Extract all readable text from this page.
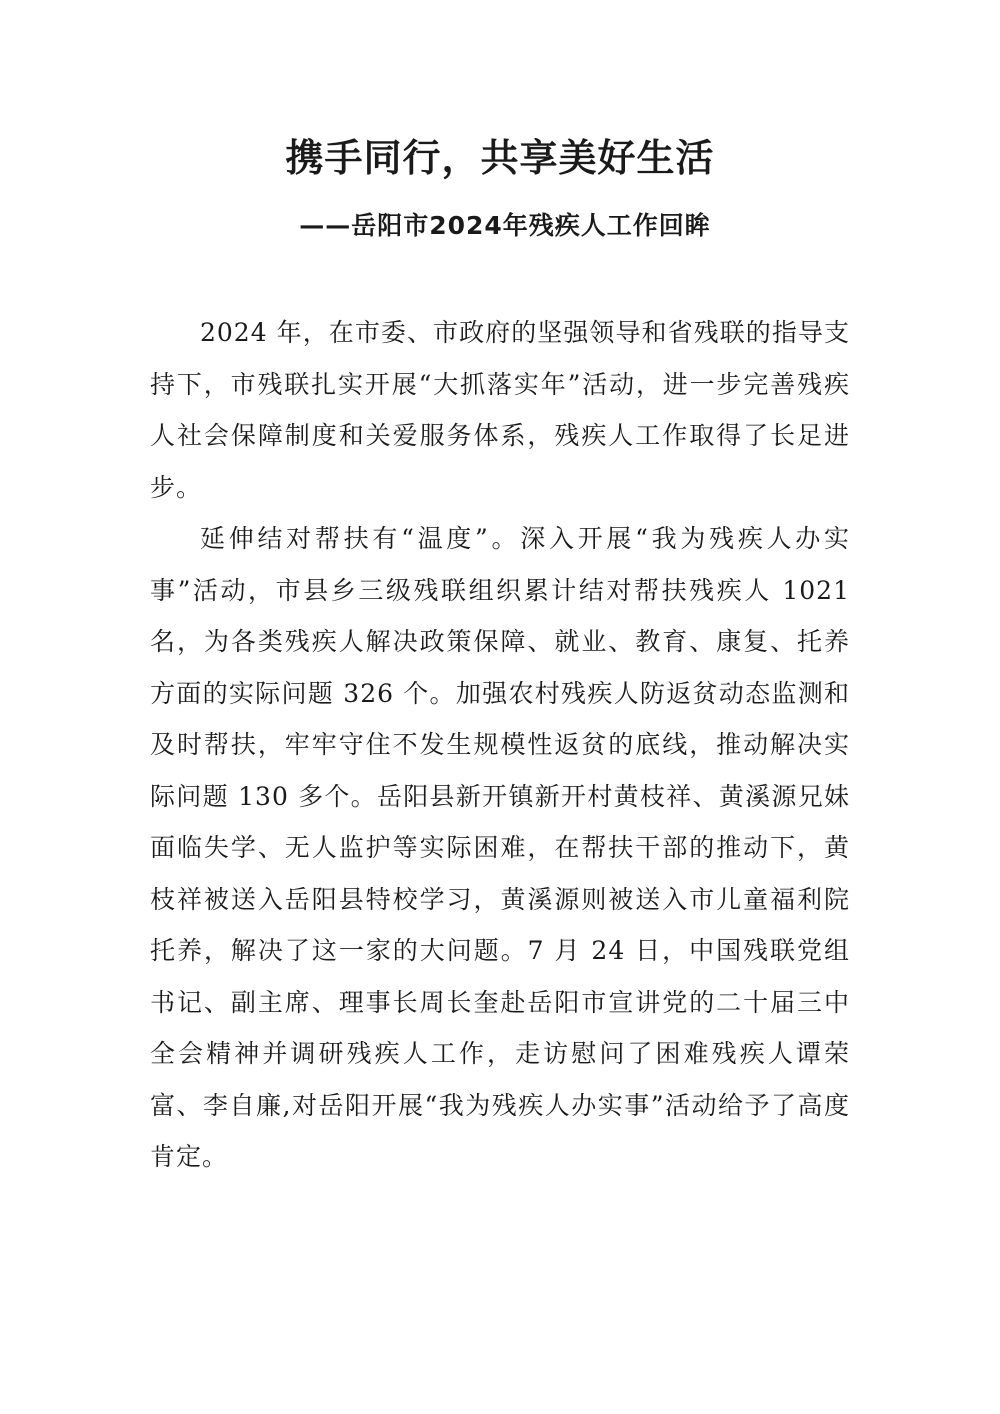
携手同行，共享美好生活
——岳阳市2024年残疾人工作回眸

2024 年，在市委、市政府的坚强领导和省残联的指导支持下，市残联扎实开展“大抓落实年”活动，进一步完善残疾人社会保障制度和关爱服务体系，残疾人工作取得了长足进步。

延伸结对帮扶有“温度”。深入开展“我为残疾人办实事”活动，市县乡三级残联组织累计结对帮扶残疾人 1021 名，为各类残疾人解决政策保障、就业、教育、康复、托养方面的实际问题 326 个。加强农村残疾人防返贫动态监测和及时帮扶，牢牢守住不发生规模性返贫的底线，推动解决实际问题 130 多个。岳阳县新开镇新开村黄枝祥、黄溪源兄妹面临失学、无人监护等实际困难，在帮扶干部的推动下，黄枝祥被送入岳阳县特校学习，黄溪源则被送入市儿童福利院托养，解决了这一家的大问题。7 月 24 日，中国残联党组书记、副主席、理事长周长奎赴岳阳市宣讲党的二十届三中全会精神并调研残疾人工作，走访慰问了困难残疾人谭荣富、李自廉,对岳阳开展“我为残疾人办实事”活动给予了高度肯定。
